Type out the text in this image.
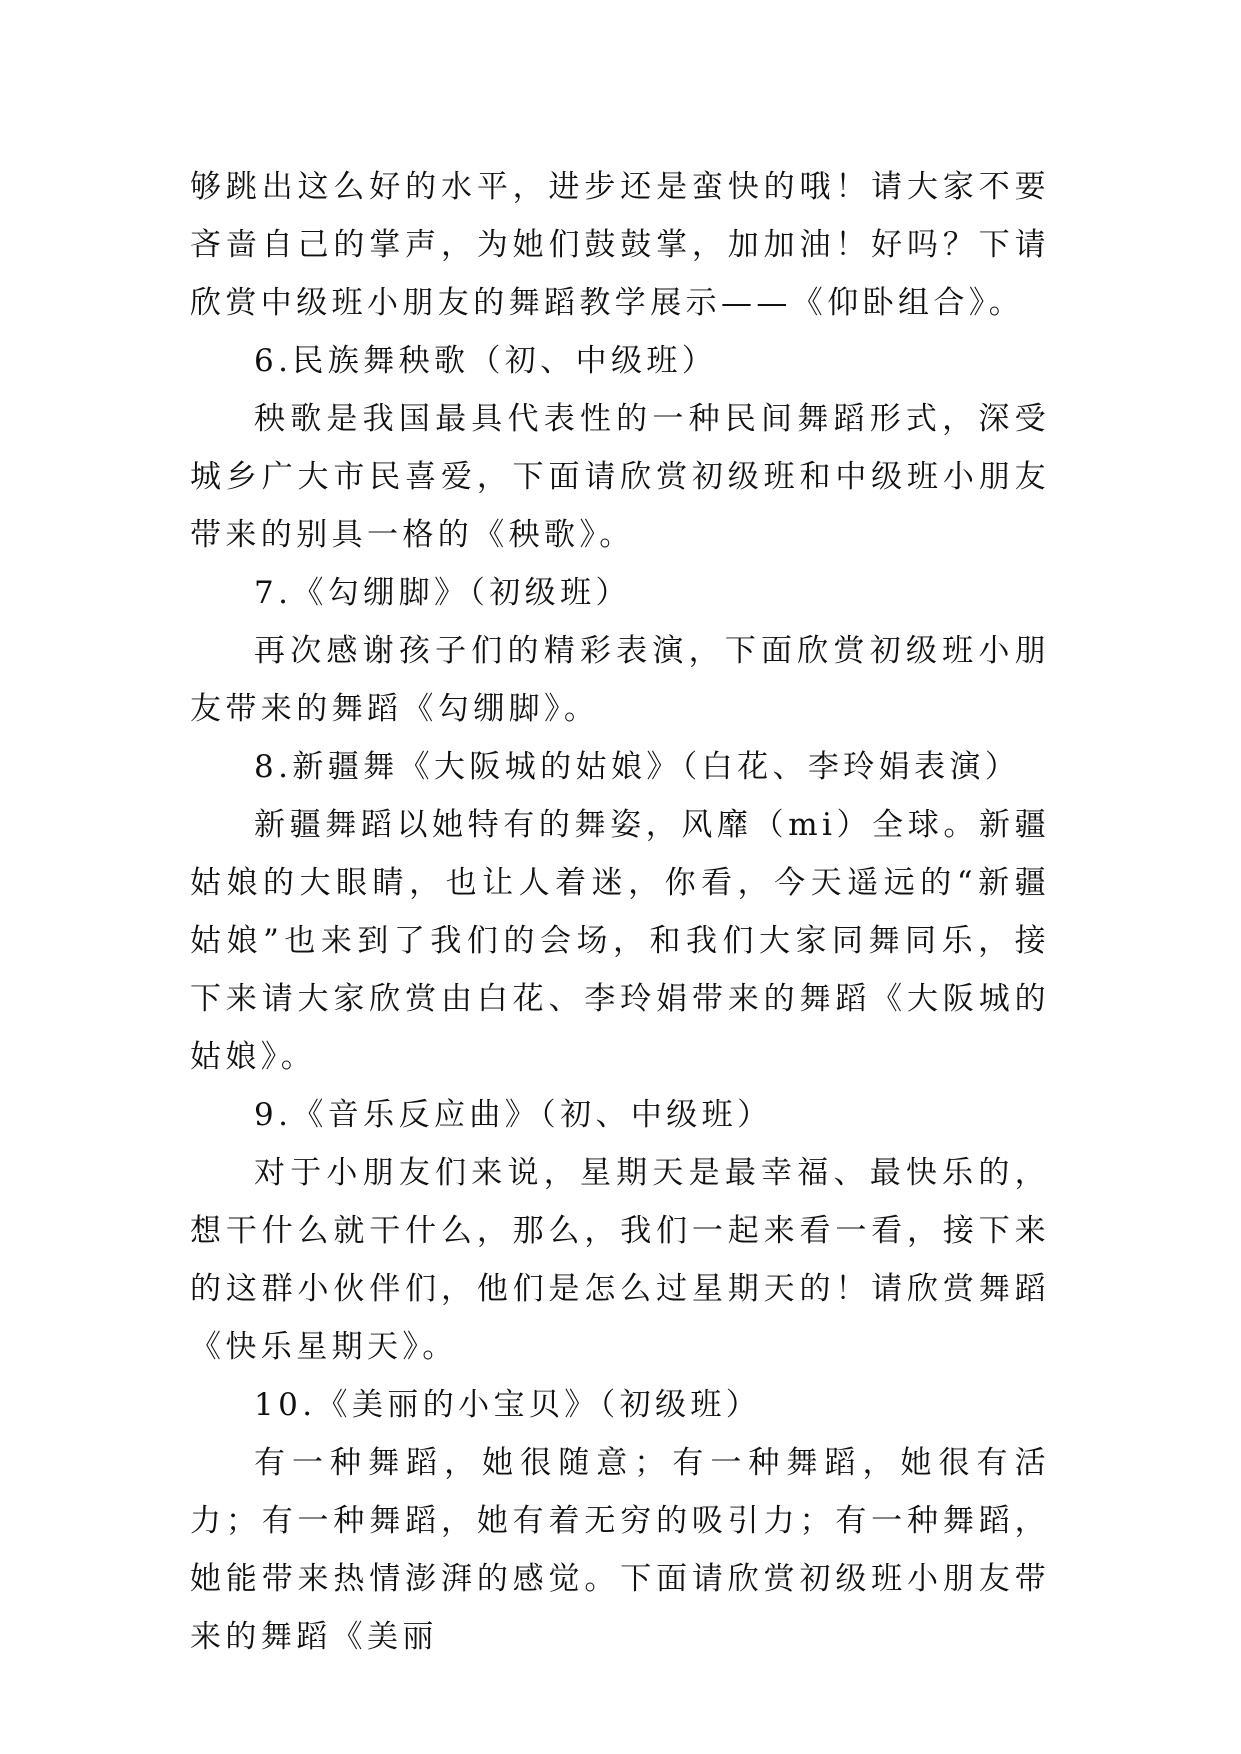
够跳出这么好的水平，进步还是蛮快的哦！请大家不要吝啬自己的掌声，为她们鼓鼓掌，加加油！好吗？下请欣赏中级班小朋友的舞蹈教学展示——《仰卧组合》。

6.民族舞秧歌（初、中级班）

秧歌是我国最具代表性的一种民间舞蹈形式，深受城乡广大市民喜爱，下面请欣赏初级班和中级班小朋友带来的别具一格的《秧歌》。

7.《勾绷脚》（初级班）

再次感谢孩子们的精彩表演，下面欣赏初级班小朋友带来的舞蹈《勾绷脚》。

8.新疆舞《大阪城的姑娘》（白花、李玲娟表演）

新疆舞蹈以她特有的舞姿，风靡（mi）全球。新疆姑娘的大眼睛，也让人着迷，你看，今天遥远的“新疆姑娘”也来到了我们的会场，和我们大家同舞同乐，接下来请大家欣赏由白花、李玲娟带来的舞蹈《大阪城的姑娘》。

9.《音乐反应曲》（初、中级班）

对于小朋友们来说，星期天是最幸福、最快乐的，想干什么就干什么，那么，我们一起来看一看，接下来的这群小伙伴们，他们是怎么过星期天的！请欣赏舞蹈《快乐星期天》。

10.《美丽的小宝贝》（初级班）

有一种舞蹈，她很随意；有一种舞蹈，她很有活力；有一种舞蹈，她有着无穷的吸引力；有一种舞蹈，她能带来热情澎湃的感觉。下面请欣赏初级班小朋友带来的舞蹈《美丽
